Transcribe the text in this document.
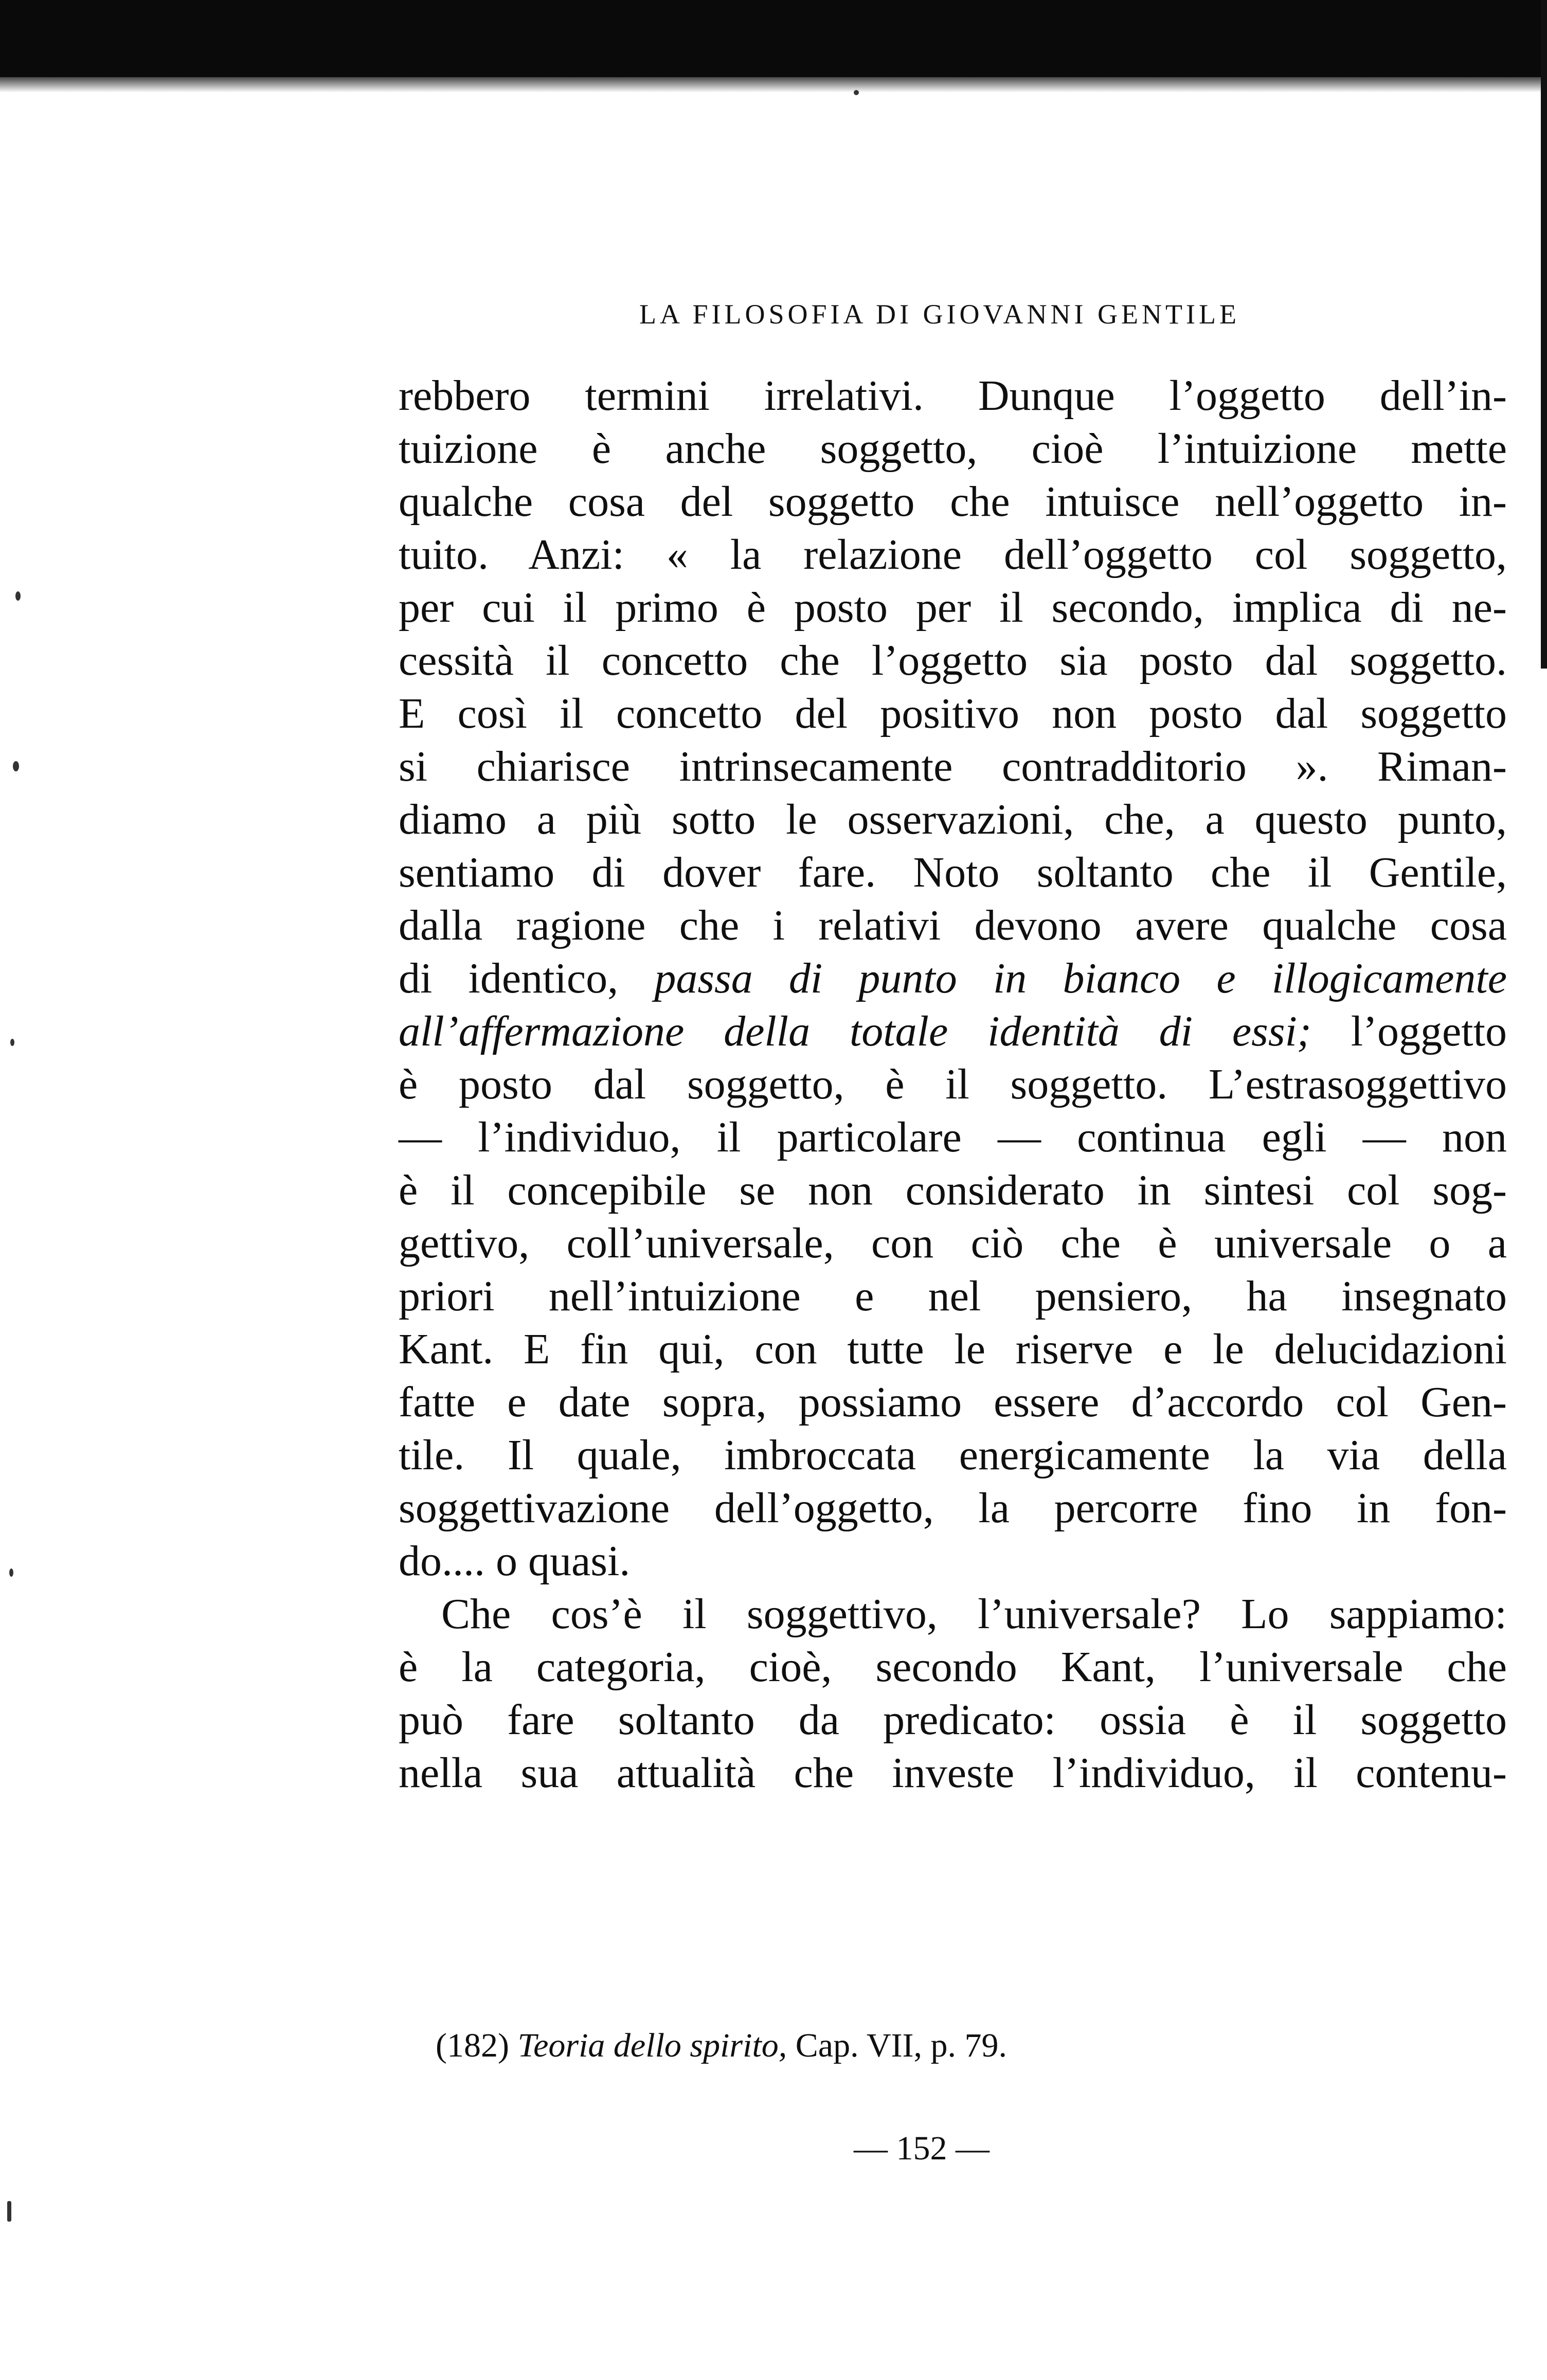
LA FILOSOFIA DI GIOVANNI GENTILE
rebbero termini irrelativi. Dunque l’oggetto dell’in-
tuizione è anche soggetto, cioè l’intuizione mette
qualche cosa del soggetto che intuisce nell’oggetto in-
tuito. Anzi: « la relazione dell’oggetto col soggetto,
per cui il primo è posto per il secondo, implica di ne-
cessità il concetto che l’oggetto sia posto dal soggetto.
E così il concetto del positivo non posto dal soggetto
si chiarisce intrinsecamente contradditorio ». Riman-
diamo a più sotto le osservazioni, che, a questo punto,
sentiamo di dover fare. Noto soltanto che il Gentile,
dalla ragione che i relativi devono avere qualche cosa
di identico, passa di punto in bianco e illogicamente
all’affermazione della totale identità di essi; l’oggetto
è posto dal soggetto, è il soggetto. L’estrasoggettivo
— l’individuo, il particolare — continua egli — non
è il concepibile se non considerato in sintesi col sog-
gettivo, coll’universale, con ciò che è universale o a
priori nell’intuizione e nel pensiero, ha insegnato
Kant. E fin qui, con tutte le riserve e le delucidazioni
fatte e date sopra, possiamo essere d’accordo col Gen-
tile. Il quale, imbroccata energicamente la via della
soggettivazione dell’oggetto, la percorre fino in fon-
do.... o quasi.
Che cos’è il soggettivo, l’universale? Lo sappiamo:
è la categoria, cioè, secondo Kant, l’universale che
può fare soltanto da predicato: ossia è il soggetto
nella sua attualità che investe l’individuo, il contenu-
(182) Teoria dello spirito, Cap. VII, p. 79.
— 152 —
